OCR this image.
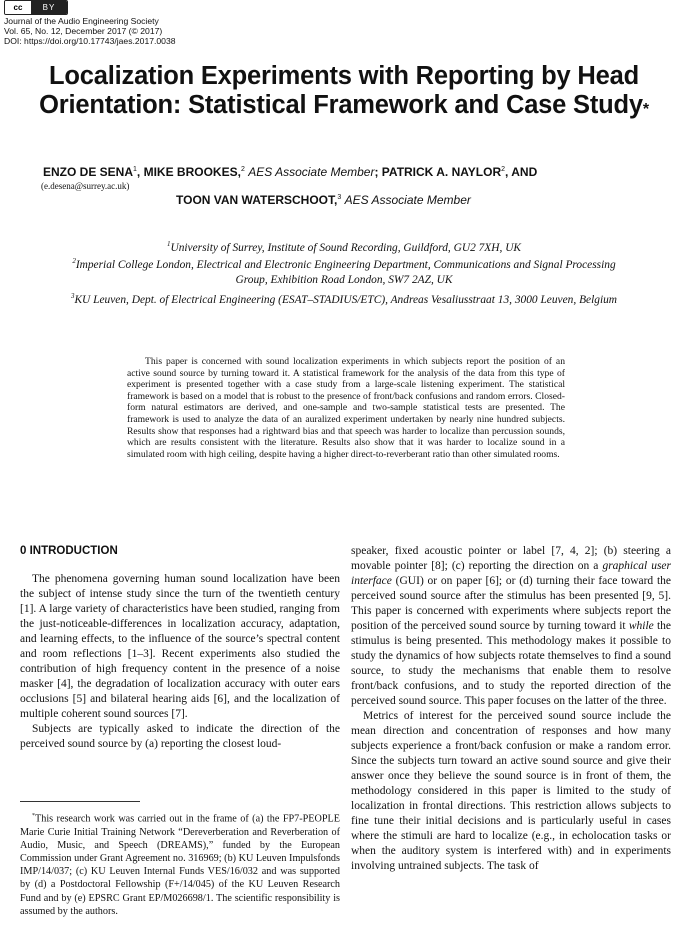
cc	BY
Journal of the Audio Engineering Society
Vol. 65, No. 12, December 2017 (© 2017)
DOI: https://doi.org/10.17743/jaes.2017.0038
Localization Experiments with Reporting by Head
Orientation: Statistical Framework and Case Study*
ENZO DE SENA$^1$, MIKE BROOKES,$^2$ AES Associate Member; PATRICK A. NAYLOR$^2$, AND
(e.desena@surrey.ac.uk)
TOON VAN WATERSCHOOT,$^3$ AES Associate Member
$^1$University of Surrey, Institute of Sound Recording, Guildford, GU2 7XH, UK
$^2$Imperial College London, Electrical and Electronic Engineering Department, Communications and Signal Processing
Group, Exhibition Road London, SW7 2AZ, UK
$^3$KU Leuven, Dept. of Electrical Engineering (ESAT–STADIUS/ETC), Andreas Vesaliusstraat 13, 3000 Leuven, Belgium

This paper is concerned with sound localization experiments in which subjects report the position of an active sound source by turning toward it. A statistical framework for the analysis of the data from this type of experiment is presented together with a case study from a large-scale listening experiment. The statistical framework is based on a model that is robust to the presence of front/back confusions and random errors. Closed-form natural estimators are derived, and one-sample and two-sample statistical tests are presented. The framework is used to analyze the data of an auralized experiment undertaken by nearly nine hundred subjects. Results show that responses had a rightward bias and that speech was harder to localize than percussion sounds, which are results consistent with the literature. Results also show that it was harder to localize sound in a simulated room with high ceiling, despite having a higher direct-to-reverberant ratio than other simulated rooms.

0 INTRODUCTION

The phenomena governing human sound localization have been the subject of intense study since the turn of the twentieth century [1]. A large variety of characteristics have been studied, ranging from the just-noticeable-differences in localization accuracy, adaptation, and learning effects, to the influence of the source’s spectral content and room reflections [1–3]. Recent experiments also studied the contribution of high frequency content in the presence of a noise masker [4], the degradation of localization accuracy with outer ears occlusions [5] and bilateral hearing aids [6], and the localization of multiple coherent sound sources [7].

Subjects are typically asked to indicate the direction of the perceived sound source by (a) reporting the closest loud-

*This research work was carried out in the frame of (a) the FP7-PEOPLE Marie Curie Initial Training Network “Dereverberation and Reverberation of Audio, Music, and Speech (DREAMS),” funded by the European Commission under Grant Agreement no. 316969; (b) KU Leuven Impulsfonds IMP/14/037; (c) KU Leuven Internal Funds VES/16/032 and was supported by (d) a Postdoctoral Fellowship (F+/14/045) of the KU Leuven Research Fund and by (e) EPSRC Grant EP/M026698/1. The scientific responsibility is assumed by the authors.

speaker, fixed acoustic pointer or label [7, 4, 2]; (b) steering a movable pointer [8]; (c) reporting the direction on a graphical user interface (GUI) or on paper [6]; or (d) turning their face toward the perceived sound source after the stimulus has been presented [9, 5]. This paper is concerned with experiments where subjects report the position of the perceived sound source by turning toward it while the stimulus is being presented. This methodology makes it possible to study the dynamics of how subjects rotate themselves to find a sound source, to study the mechanisms that enable them to resolve front/back confusions, and to study the reported direction of the perceived sound source. This paper focuses on the latter of the three.

Metrics of interest for the perceived sound source include the mean direction and concentration of responses and how many subjects experience a front/back confusion or make a random error. Since the subjects turn toward an active sound source and give their answer once they believe the sound source is in front of them, the methodology considered in this paper is limited to the study of localization in frontal directions. This restriction allows subjects to fine tune their initial decisions and is particularly useful in cases where the stimuli are hard to localize (e.g., in echolocation tasks or when the auditory system is interfered with) and in experiments involving untrained subjects. The task of
